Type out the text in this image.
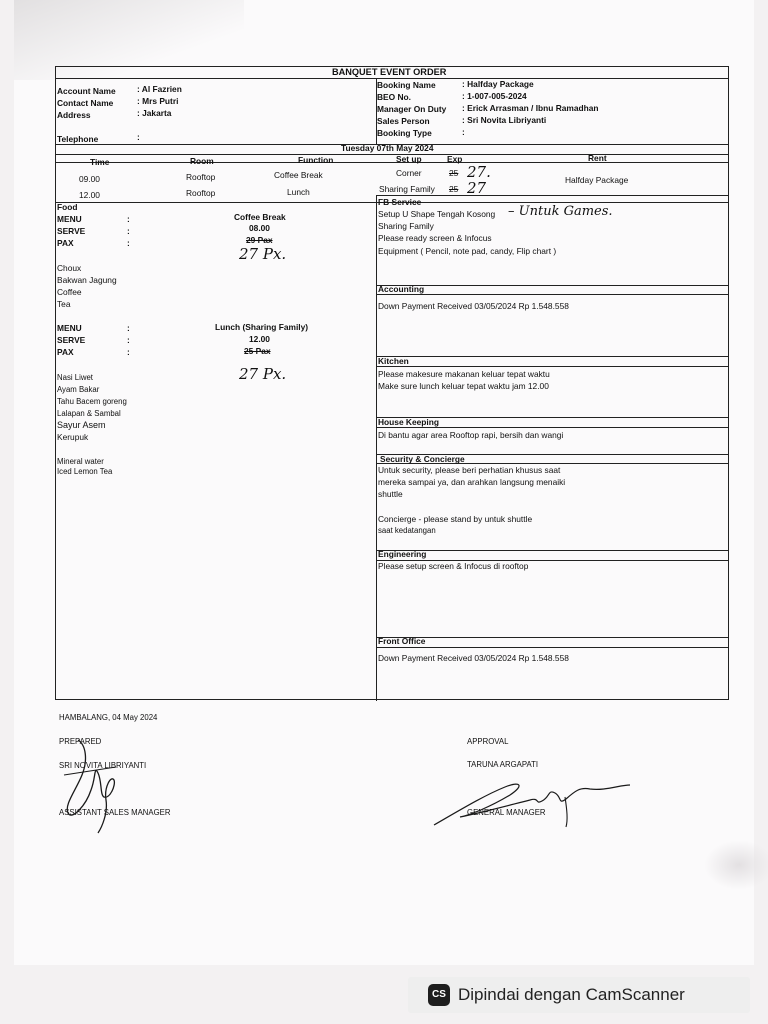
BANQUET EVENT ORDER
Account Name	: Al Fazrien
Contact Name	: Mrs Putri
Address	: Jakarta
Telephone	:
Booking Name	: Halfday Package
BEO No.	: 1-007-005-2024
Manager On Duty : Erick Arrasman / Ibnu Ramadhan
Sales Person	: Sri Novita Libriyanti
Booking Type	:
Tuesday 07th May 2024
Time	Room	Function	Set up	Exp	Rent
09.00	Rooftop	Coffee Break	Corner	25 27.	Halfday Package
12.00	Rooftop	Lunch	Sharing Family 25 27
Food
MENU	:	Coffee Break
SERVE	:	08.00
PAX	:	29 Pax
27 Px.
Choux
Bakwan Jagung
Coffee
Tea
MENU	:	Lunch (Sharing Family)
SERVE	:	12.00
PAX	:	25 Pax
27 Px.
Nasi Liwet
Ayam Bakar
Tahu Bacem goreng
Lalapan & Sambal
Sayur Asem
Kerupuk
Mineral water
Iced Lemon Tea
FB Service
Setup U Shape Tengah Kosong – Untuk Games.
Sharing Family
Please ready screen & Infocus
Equipment ( Pencil, note pad, candy, Flip chart )
Accounting
Down Payment Received 03/05/2024 Rp 1.548.558
Kitchen
Please makesure makanan keluar tepat waktu
Make sure lunch keluar tepat waktu jam 12.00
House Keeping
Di bantu agar area Rooftop rapi, bersih dan wangi
Security & Concierge
Untuk security, please beri perhatian khusus saat
mereka sampai ya, dan arahkan langsung menaiki
shuttle
Concierge - please stand by untuk shuttle
saat kedatangan
Engineering
Please setup screen & Infocus di rooftop
Front Office
Down Payment Received 03/05/2024 Rp 1.548.558
HAMBALANG, 04 May 2024
PREPARED
SRI NOVITA LIBRIYANTI
ASSISTANT SALES MANAGER
APPROVAL
TARUNA ARGAPATI
GENERAL MANAGER
CS Dipindai dengan CamScanner
